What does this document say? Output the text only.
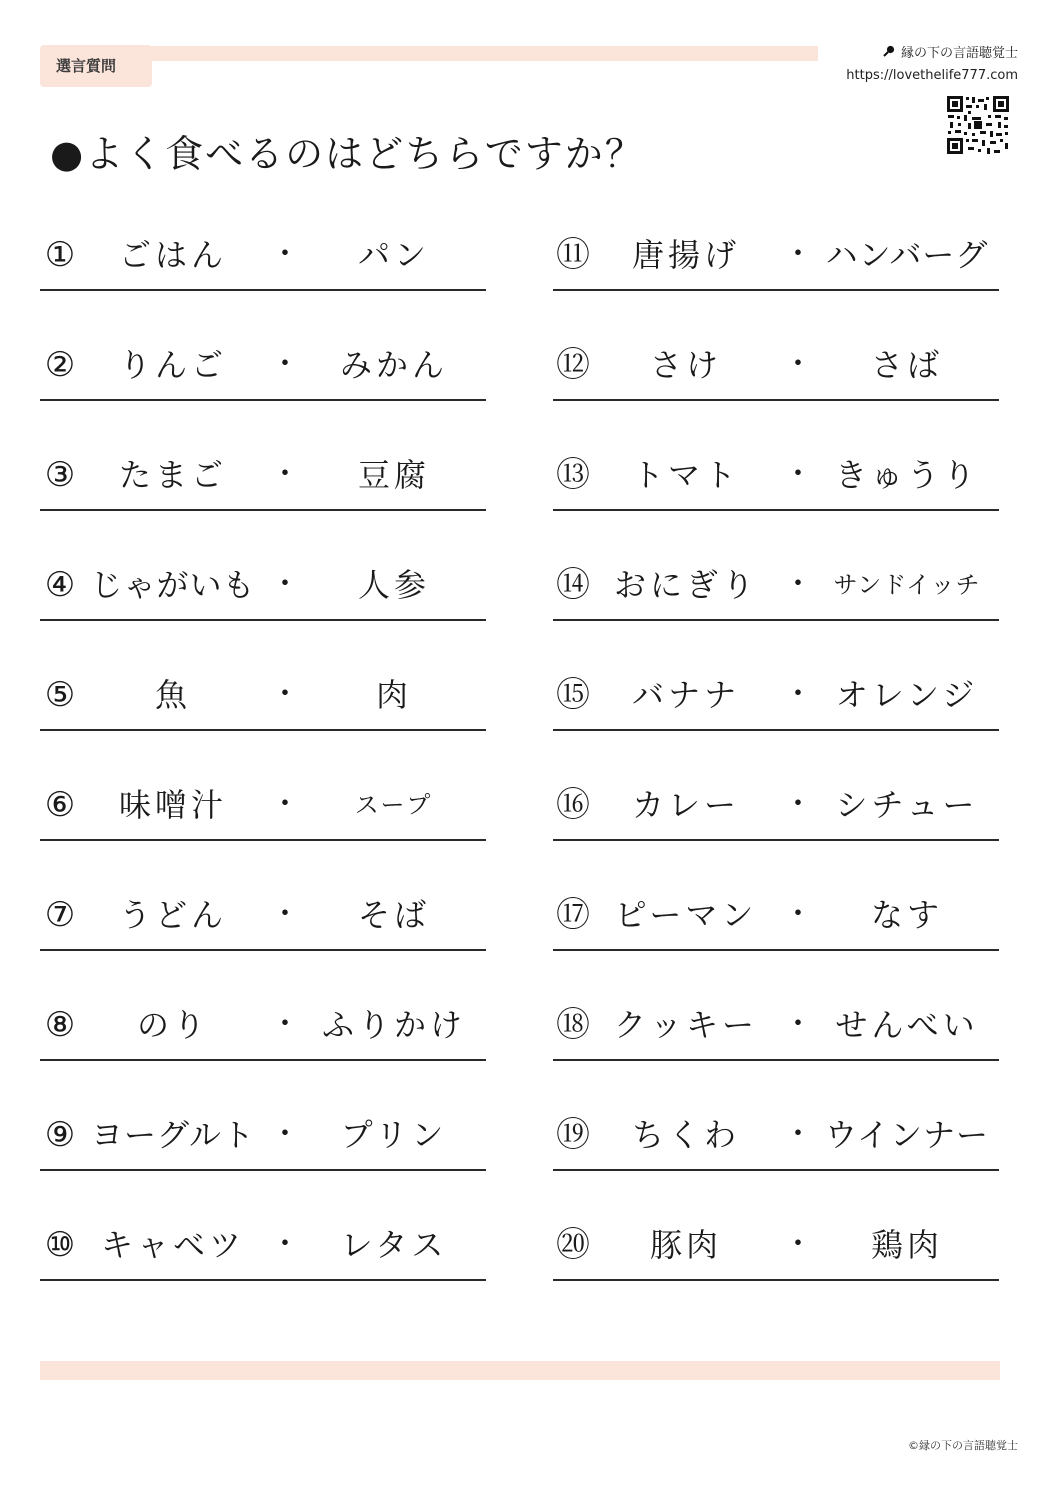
選言質問
縁の下の言語聴覚士
https://lovethelife777.com
●よく食べるのはどちらですか？
①	ごはん	・	パン
②	りんご	・	みかん
③	たまご	・	豆腐
④ じゃがいも ・	人参
⑤	魚	・	肉
⑥	味噌汁	・	スープ
⑦	うどん	・	そば
⑧	のり	・ ふりかけ
⑨ ヨーグルト ・	プリン
⑩ キャベツ ・	レタス
⑪	唐揚げ	・ ハンバーグ
⑫	さけ	・	さば
⑬	トマト	・ きゅうり
⑭ おにぎり ・ サンドイッチ
⑮	バナナ	・ オレンジ
⑯	カレー	・ シチュー
⑰ ピーマン ・	なす
⑱ クッキー ・ せんべい
⑲	ちくわ	・ ウインナー
⑳	豚肉	・	鶏肉
©縁の下の言語聴覚士
